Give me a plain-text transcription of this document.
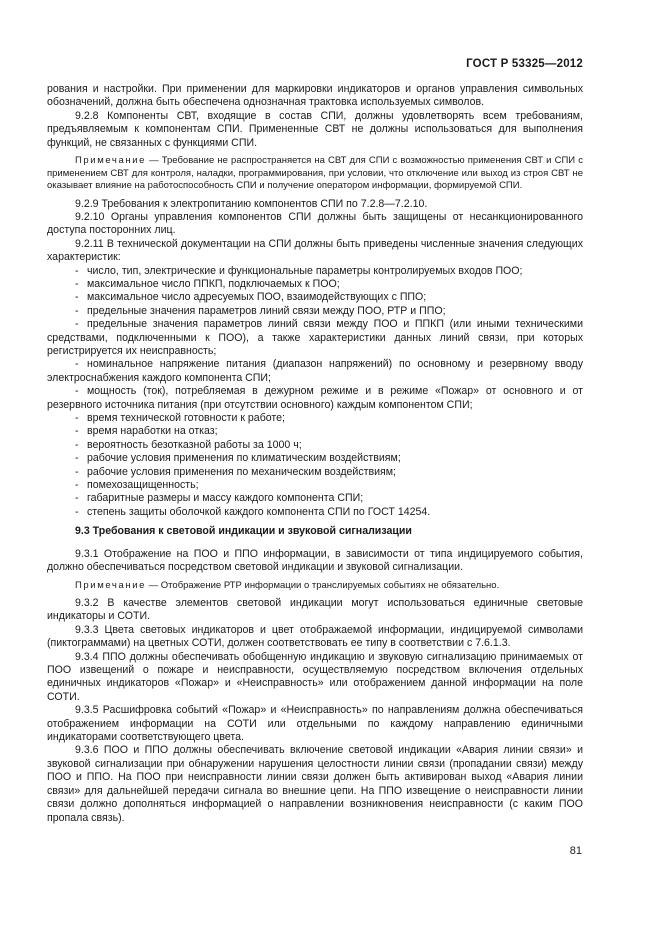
ГОСТ Р 53325—2012

рования и настройки. При применении для маркировки индикаторов и органов управления символьных обозначений, должна быть обеспечена однозначная трактовка используемых символов.

9.2.8 Компоненты СВТ, входящие в состав СПИ, должны удовлетворять всем требованиям, предъявляемым к компонентам СПИ. Примененные СВТ не должны использоваться для выполнения функций, не связанных с функциями СПИ.

Примечание — Требование не распространяется на СВТ для СПИ с возможностью применения СВТ и СПИ с применением СВТ для контроля, наладки, программирования, при условии, что отключение или выход из строя СВТ не оказывает влияние на работоспособность СПИ и получение оператором информации, формируемой СПИ.

9.2.9 Требования к электропитанию компонентов СПИ по 7.2.8—7.2.10.

9.2.10 Органы управления компонентов СПИ должны быть защищены от несанкционированного доступа посторонних лиц.

9.2.11 В технической документации на СПИ должны быть приведены численные значения следующих характеристик:

- число, тип, электрические и функциональные параметры контролируемых входов ПОО;
- максимальное число ППКП, подключаемых к ПОО;
- максимальное число адресуемых ПОО, взаимодействующих с ППО;
- предельные значения параметров линий связи между ПОО, РТР и ППО;
- предельные значения параметров линий связи между ПОО и ППКП (или иными техническими средствами, подключенными к ПОО), а также характеристики данных линий связи, при которых регистрируется их неисправность;
- номинальное напряжение питания (диапазон напряжений) по основному и резервному вводу электроснабжения каждого компонента СПИ;
- мощность (ток), потребляемая в дежурном режиме и в режиме «Пожар» от основного и от резервного источника питания (при отсутствии основного) каждым компонентом СПИ;
- время технической готовности к работе;
- время наработки на отказ;
- вероятность безотказной работы за 1000 ч;
- рабочие условия применения по климатическим воздействиям;
- рабочие условия применения по механическим воздействиям;
- помехозащищенность;
- габаритные размеры и массу каждого компонента СПИ;
- степень защиты оболочкой каждого компонента СПИ по ГОСТ 14254.

9.3 Требования к световой индикации и звуковой сигнализации

9.3.1 Отображение на ПОО и ППО информации, в зависимости от типа индицируемого события, должно обеспечиваться посредством световой индикации и звуковой сигнализации.

Примечание — Отображение РТР информации о транслируемых событиях не обязательно.

9.3.2 В качестве элементов световой индикации могут использоваться единичные световые индикаторы и СОТИ.

9.3.3 Цвета световых индикаторов и цвет отображаемой информации, индицируемой символами (пиктограммами) на цветных СОТИ, должен соответствовать ее типу в соответствии с 7.6.1.3.

9.3.4 ППО должны обеспечивать обобщенную индикацию и звуковую сигнализацию принимаемых от ПОО извещений о пожаре и неисправности, осуществляемую посредством включения отдельных единичных индикаторов «Пожар» и «Неисправность» или отображением данной информации на поле СОТИ.

9.3.5 Расшифровка событий «Пожар» и «Неисправность» по направлениям должна обеспечиваться отображением информации на СОТИ или отдельными по каждому направлению единичными индикаторами соответствующего цвета.

9.3.6 ПОО и ППО должны обеспечивать включение световой индикации «Авария линии связи» и звуковой сигнализации при обнаружении нарушения целостности линии связи (пропадании связи) между ПОО и ППО. На ПОО при неисправности линии связи должен быть активирован выход «Авария линии связи» для дальнейшей передачи сигнала во внешние цепи. На ППО извещение о неисправности линии связи должно дополняться информацией о направлении возникновения неисправности (с каким ПОО пропала связь).

81
